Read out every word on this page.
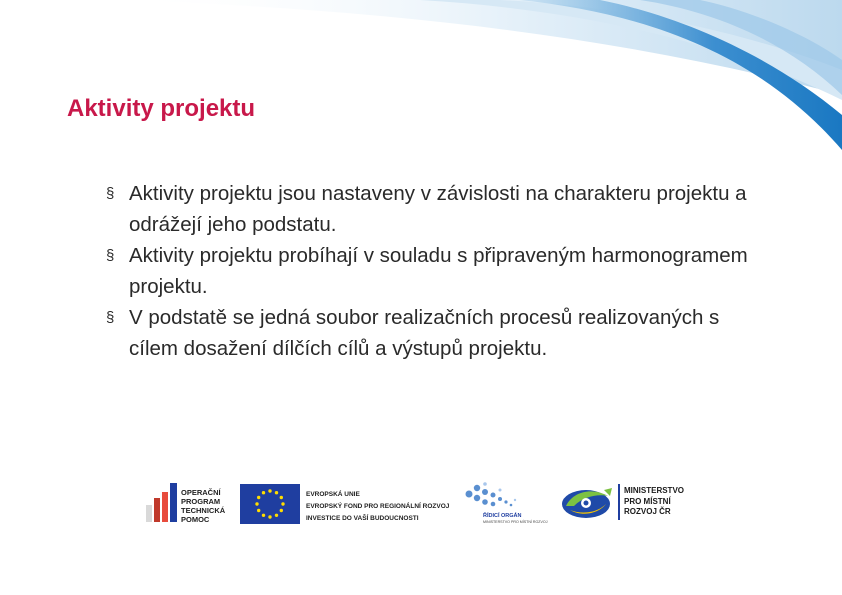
Aktivity projektu
§ Aktivity projektu jsou nastaveny v závislosti na charakteru projektu a odrážejí jeho podstatu.
§ Aktivity projektu probíhají v souladu s připraveným harmonogramem projektu.
§ V podstatě se jedná soubor realizačních procesů realizovaných s cílem dosažení dílčích cílů a výstupů projektu.
OPERAČNÍ
PROGRAM
TECHNICKÁ
POMOC
EVROPSKÁ UNIE
EVROPSKÝ FOND PRO REGIONÁLNÍ ROZVOJ
INVESTICE DO VAŠÍ BUDOUCNOSTI	ŘÍDICÍ ORGÁN
MINISTERSTVO PRO MÍSTNÍ ROZVOJ
MINISTERSTVO
PRO MÍSTNÍ
ROZVOJ ČR
